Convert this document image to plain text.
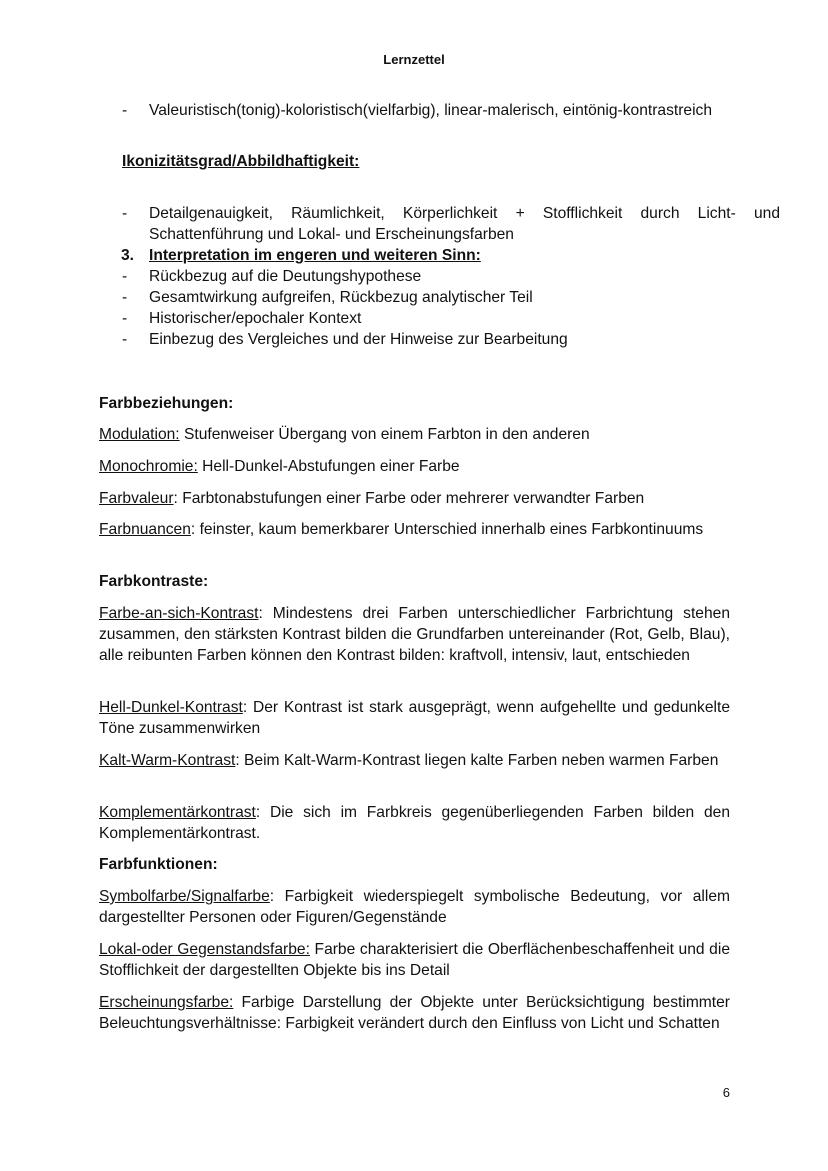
Lernzettel
- Valeuristisch(tonig)-koloristisch(vielfarbig), linear-malerisch, eintönig-kontrastreich
Ikonizitätsgrad/Abbildhaftigkeit:
- Detailgenauigkeit, Räumlichkeit, Körperlichkeit + Stofflichkeit durch Licht- und Schattenführung und Lokal- und Erscheinungsfarben
3. Interpretation im engeren und weiteren Sinn:
- Rückbezug auf die Deutungshypothese
- Gesamtwirkung aufgreifen, Rückbezug analytischer Teil
- Historischer/epochaler Kontext
- Einbezug des Vergleiches und der Hinweise zur Bearbeitung
Farbbeziehungen:
Modulation: Stufenweiser Übergang von einem Farbton in den anderen
Monochromie: Hell-Dunkel-Abstufungen einer Farbe
Farbvaleur: Farbtonabstufungen einer Farbe oder mehrerer verwandter Farben
Farbnuancen: feinster, kaum bemerkbarer Unterschied innerhalb eines Farbkontinuums
Farbkontraste:
Farbe-an-sich-Kontrast: Mindestens drei Farben unterschiedlicher Farbrichtung stehen zusammen, den stärksten Kontrast bilden die Grundfarben untereinander (Rot, Gelb, Blau), alle reibunten Farben können den Kontrast bilden: kraftvoll, intensiv, laut, entschieden
Hell-Dunkel-Kontrast: Der Kontrast ist stark ausgeprägt, wenn aufgehellte und gedunkelte Töne zusammenwirken
Kalt-Warm-Kontrast: Beim Kalt-Warm-Kontrast liegen kalte Farben neben warmen Farben
Komplementärkontrast: Die sich im Farbkreis gegenüberliegenden Farben bilden den Komplementärkontrast.
Farbfunktionen:
Symbolfarbe/Signalfarbe: Farbigkeit wiederspiegelt symbolische Bedeutung, vor allem dargestellter Personen oder Figuren/Gegenstände
Lokal-oder Gegenstandsfarbe: Farbe charakterisiert die Oberflächenbeschaffenheit und die Stofflichkeit der dargestellten Objekte bis ins Detail
Erscheinungsfarbe: Farbige Darstellung der Objekte unter Berücksichtigung bestimmter Beleuchtungsverhältnisse: Farbigkeit verändert durch den Einfluss von Licht und Schatten
6
